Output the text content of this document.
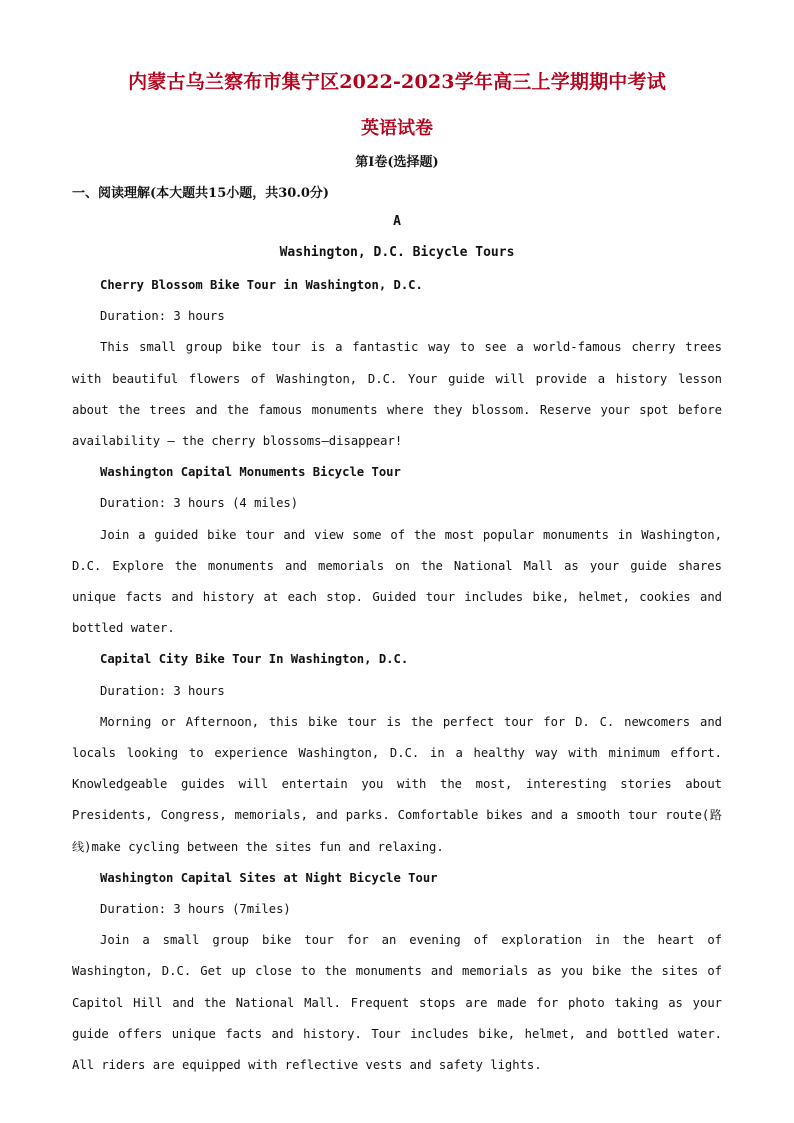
内蒙古乌兰察布市集宁区2022-2023学年高三上学期期中考试
英语试卷
第I卷(选择题)
一、阅读理解(本大题共15小题，共30.0分)
A
Washington, D.C. Bicycle Tours

Cherry Blossom Bike Tour in Washington, D.C.

Duration: 3 hours

This small group bike tour is a fantastic way to see a world-famous cherry trees with beautiful flowers of Washington, D.C. Your guide will provide a history lesson about the trees and the famous monuments where they blossom. Reserve your spot before availability — the cherry blossoms—disappear!

Washington Capital Monuments Bicycle Tour

Duration: 3 hours (4 miles)

Join a guided bike tour and view some of the most popular monuments in Washington, D.C. Explore the monuments and memorials on the National Mall as your guide shares unique facts and history at each stop. Guided tour includes bike, helmet, cookies and bottled water.

Capital City Bike Tour In Washington, D.C.

Duration: 3 hours

Morning or Afternoon, this bike tour is the perfect tour for D. C. newcomers and locals looking to experience Washington, D.C. in a healthy way with minimum effort. Knowledgeable guides will entertain you with the most, interesting stories about Presidents, Congress, memorials, and parks. Comfortable bikes and a smooth tour route(路线)make cycling between the sites fun and relaxing.

Washington Capital Sites at Night Bicycle Tour

Duration: 3 hours (7miles)

Join a small group bike tour for an evening of exploration in the heart of Washington, D.C. Get up close to the monuments and memorials as you bike the sites of Capitol Hill and the National Mall. Frequent stops are made for photo taking as your guide offers unique facts and history. Tour includes bike, helmet, and bottled water. All riders are equipped with reflective vests and safety lights.
